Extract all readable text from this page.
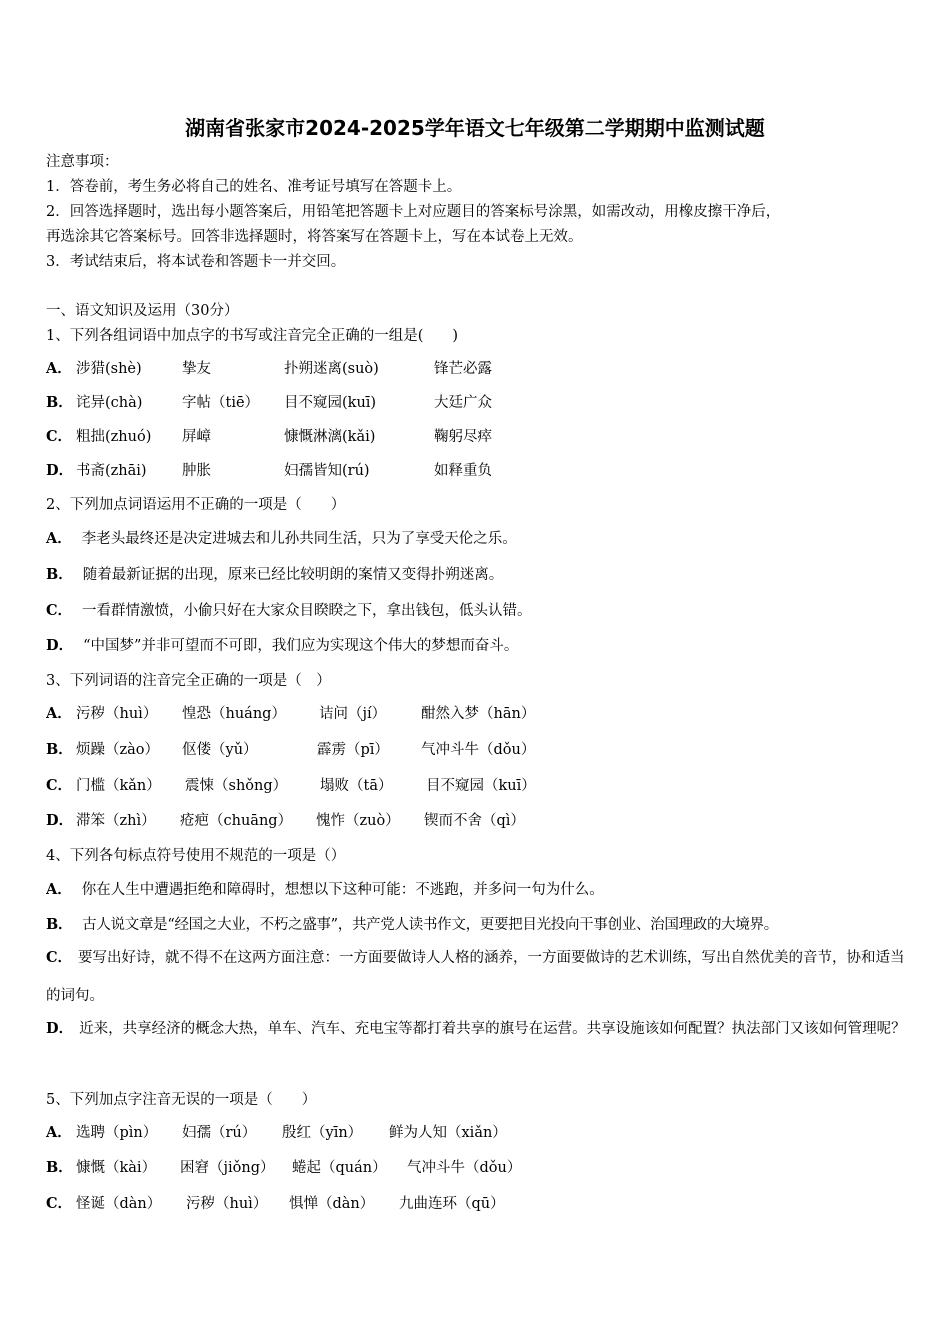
湖南省张家市2024-2025学年语文七年级第二学期期中监测试题
注意事项：
1．答卷前，考生务必将自己的姓名、准考证号填写在答题卡上。
2．回答选择题时，选出每小题答案后，用铅笔把答题卡上对应题目的答案标号涂黑，如需改动，用橡皮擦干净后，
再选涂其它答案标号。回答非选择题时，将答案写在答题卡上，写在本试卷上无效。
3．考试结束后，将本试卷和答题卡一并交回。
一、语文知识及运用（30分）
1、下列各组词语中加点字的书写或注音完全正确的一组是(　　)
A． 涉猎(shè)	挚友	扑朔迷离(suò)	锋芒必露
B． 诧异(chà)	字帖（tiē） 目不窥园(kuī)	大廷广众
C． 粗拙(zhuó) 屏嶂	慷慨淋漓(kǎi)	鞠躬尽瘁
D． 书斋(zhāi) 肿胀	妇孺皆知(rú)	如释重负
2、下列加点词语运用不正确的一项是（　　）
A． 李老头最终还是决定进城去和儿孙共同生活，只为了享受天伦之乐。
B． 随着最新证据的出现，原来已经比较明朗的案情又变得扑朔迷离。
C． 一看群情激愤，小偷只好在大家众目睽睽之下，拿出钱包，低头认错。
D． “中国梦”并非可望而不可即，我们应为实现这个伟大的梦想而奋斗。
3、下列词语的注音完全正确的一项是（　）
A． 污秽（huì） 惶恐（huáng） 诘问（jí） 酣然入梦（hān）
B． 烦躁（zào） 伛偻（yǔ）	霹雳（pī） 气冲斗牛（dǒu）
C． 门槛（kǎn） 震悚（shǒng） 塌败（tā） 目不窥园（kuī）
D． 滞笨（zhì） 疮疤（chuāng） 愧怍（zuò） 锲而不舍（qì）
4、下列各句标点符号使用不规范的一项是（）
A． 你在人生中遭遇拒绝和障碍时，想想以下这种可能：不逃跑，并多问一句为什么。
B． 古人说文章是“经国之大业，不朽之盛事”，共产党人读书作文，更要把目光投向干事创业、治国理政的大境界。
C． 要写出好诗，就不得不在这两方面注意：一方面要做诗人人格的涵养，一方面要做诗的艺术训练，写出自然优美的音节，协和适当的词句。
D． 近来，共享经济的概念大热，单车、汽车、充电宝等都打着共享的旗号在运营。共享设施该如何配置？执法部门又该如何管理呢？
5、下列加点字注音无误的一项是（　　）
A． 选聘（pìn） 妇孺（rú） 殷红（yīn） 鲜为人知（xiǎn）
B． 慷慨（kài） 困窘（jiǒng） 蜷起（quán） 气冲斗牛（dǒu）
C． 怪诞（dàn） 污秽（huì） 惧惮（dàn） 九曲连环（qū）
